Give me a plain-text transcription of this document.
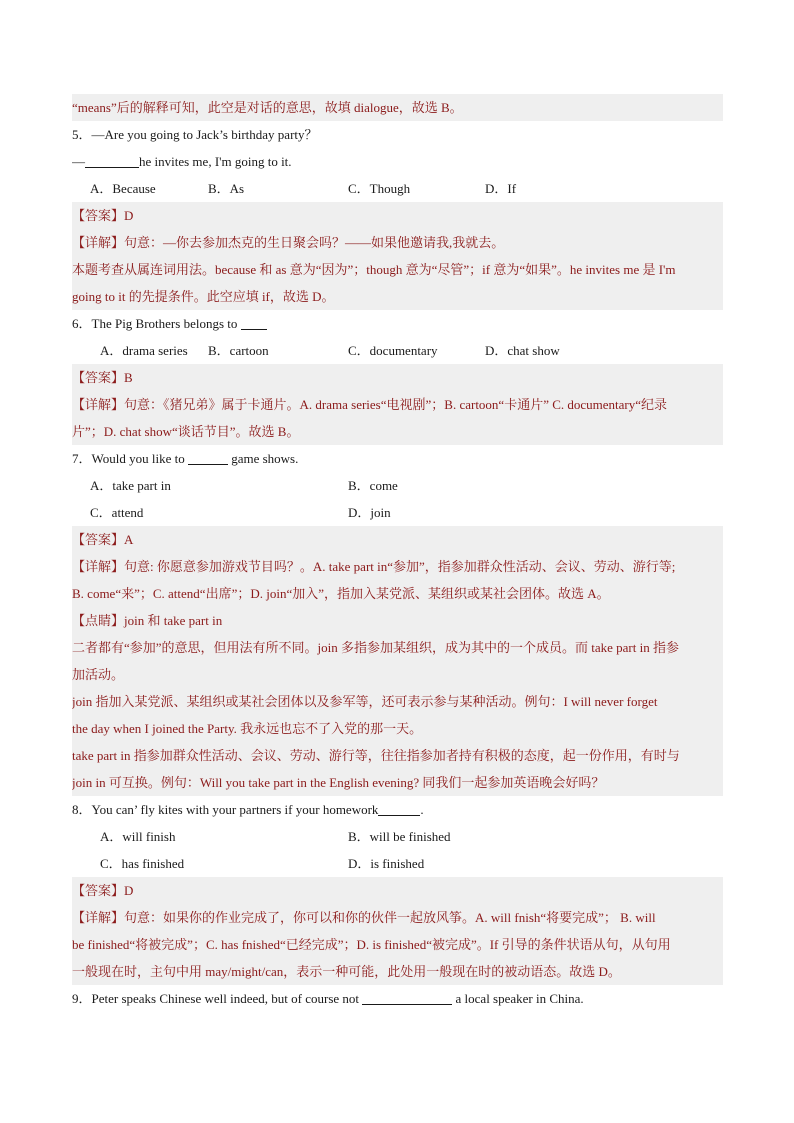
“means”后的解释可知，此空是对话的意思，故填 dialogue，故选 B。
5．—Are you going to Jack’s birthday party？
—	he invites me, I'm going to it.
A．Because	B．As	C．Though	D．If
【答案】D
【详解】句意：—你去参加杰克的生日聚会吗？——如果他邀请我,我就去。
本题考查从属连词用法。because 和 as 意为“因为”；though 意为“尽管”；if 意为“如果”。he invites me 是 I'm
going to it 的先提条件。此空应填 if，故选 D。
6．The Pig Brothers belongs to
A．drama series B．cartoon	C．documentary	D．chat show
【答案】B
【详解】句意：《猪兄弟》属于卡通片。A. drama series“电视剧”；B. cartoon“卡通片” C. documentary“纪录
片”；D. chat show“谈话节目”。故选 B。
7．Would you like to	game shows.
A．take part in	B．come
C．attend	D．join
【答案】A
【详解】句意: 你愿意参加游戏节目吗？。A. take part in“参加”，指参加群众性活动、会议、劳动、游行等;
B. come“来”；C. attend“出席”；D. join“加入”，指加入某党派、某组织或某社会团体。故选 A。
【点睛】join 和 take part in
二者都有“参加”的意思，但用法有所不同。join 多指参加某组织，成为其中的一个成员。而 take part in 指参
加活动。
join 指加入某党派、某组织或某社会团体以及参军等，还可表示参与某种活动。例句：I will never forget
the day when I joined the Party. 我永远也忘不了入党的那一天。
take part in 指参加群众性活动、会议、劳动、游行等，往往指参加者持有积极的态度，起一份作用，有时与
join in 可互换。例句：Will you take part in the English evening? 同我们一起参加英语晚会好吗？
8．You can’ fly kites with your partners if your homework	.
A．will finish	B．will be finished
C．has finished	D．is finished
【答案】D
【详解】句意：如果你的作业完成了，你可以和你的伙伴一起放风筝。A. will fnish“将要完成”； B. will
be finished“将被完成”；C. has fnished“已经完成”；D. is finished“被完成”。If 引导的条件状语从句，从句用
一般现在时，主句中用 may/might/can，表示一种可能，此处用一般现在时的被动语态。故选 D。
9．Peter speaks Chinese well indeed, but of course not	a local speaker in China.
